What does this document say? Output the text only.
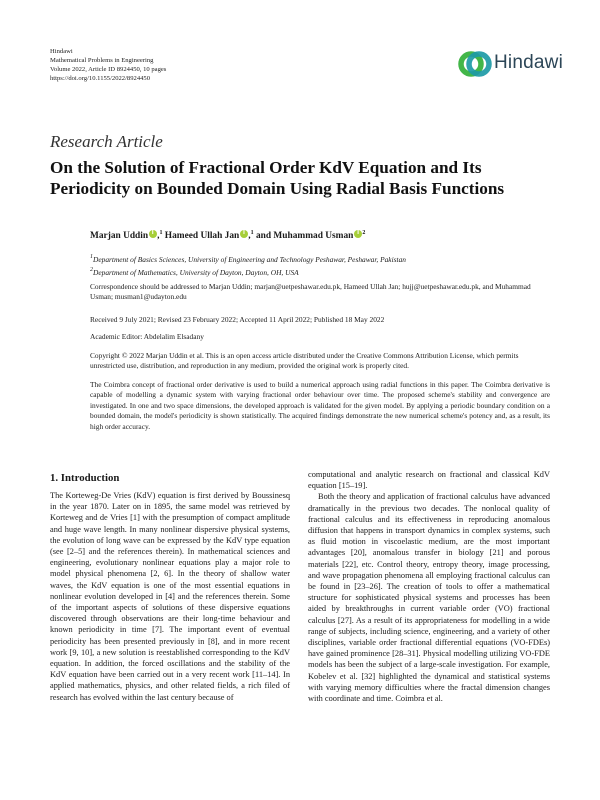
Hindawi
Mathematical Problems in Engineering
Volume 2022, Article ID 8924450, 10 pages
https://doi.org/10.1155/2022/8924450
Hindawi
Research Article
On the Solution of Fractional Order KdV Equation and Its Periodicity on Bounded Domain Using Radial Basis Functions
Marjan Uddin i ,$^1$ Hameed Ullah Jan i ,$^1$ and Muhammad Usman i $^2$
$^1$Department of Basics Sciences, University of Engineering and Technology Peshawar, Peshawar, Pakistan
$^2$Department of Mathematics, University of Dayton, Dayton, OH, USA
Correspondence should be addressed to Marjan Uddin; marjan@uetpeshawar.edu.pk, Hameed Ullah Jan; hujj@uetpeshawar.edu.pk, and Muhammad Usman; musman1@udayton.edu
Received 9 July 2021; Revised 23 February 2022; Accepted 11 April 2022; Published 18 May 2022
Academic Editor: Abdelalim Elsadany
Copyright © 2022 Marjan Uddin et al. This is an open access article distributed under the Creative Commons Attribution License, which permits unrestricted use, distribution, and reproduction in any medium, provided the original work is properly cited.
The Coimbra concept of fractional order derivative is used to build a numerical approach using radial functions in this paper. The Coimbra derivative is capable of modelling a dynamic system with varying fractional order behaviour over time. The proposed scheme's stability and convergence are investigated. In one and two space dimensions, the developed approach is validated for the given model. By applying a periodic boundary condition on a bounded domain, the model's periodicity is shown statistically. The acquired findings demonstrate the new numerical scheme's potency and, as a result, its high order accuracy.
1. Introduction

The Korteweg-De Vries (KdV) equation is first derived by Boussinesq in the year 1870. Later on in 1895, the same model was retrieved by Korteweg and de Vries [1] with the presumption of compact amplitude and huge wave length. In many nonlinear dispersive physical systems, the evolution of long wave can be expressed by the KdV type equation (see [2–5] and the references therein). In mathematical sciences and engineering, evolutionary nonlinear equations play a major role to model physical phenomena [2, 6]. In the theory of shallow water waves, the KdV equation is one of the most essential equations in nonlinear evolution developed in [4] and the references therein. Some of the important aspects of solutions of these dispersive equations discovered through observations are their long-time behaviour and known periodicity in time [7]. The important event of eventual periodicity has been presented previously in [8], and in more recent work [9, 10], a new solution is reestablished corresponding to the KdV equation. In addition, the forced oscillations and the stability of the KdV equation have been carried out in a very recent work [11–14]. In applied mathematics, physics, and other related fields, a rich filed of research has evolved within the last century because of

computational and analytic research on fractional and classical KdV equation [15–19].

Both the theory and application of fractional calculus have advanced dramatically in the previous two decades. The nonlocal quality of fractional calculus and its effectiveness in reproducing anomalous diffusion that happens in transport dynamics in complex systems, such as fluid motion in viscoelastic medium, are the most important advantages [20], anomalous transfer in biology [21] and porous materials [22], etc. Control theory, entropy theory, image processing, and wave propagation phenomena all employing fractional calculus can be found in [23–26]. The creation of tools to offer a mathematical structure for sophisticated physical systems and processes has been aided by breakthroughs in current variable order (VO) fractional calculus [27]. As a result of its appropriateness for modelling in a wide range of subjects, including science, engineering, and a variety of other disciplines, variable order fractional differential equations (VO-FDEs) have gained prominence [28–31]. Physical modelling utilizing VO-FDE models has been the subject of a large-scale investigation. For example, Kobelev et al. [32] highlighted the dynamical and statistical systems with varying memory difficulties where the fractal dimension changes with coordinate and time. Coimbra et al.
